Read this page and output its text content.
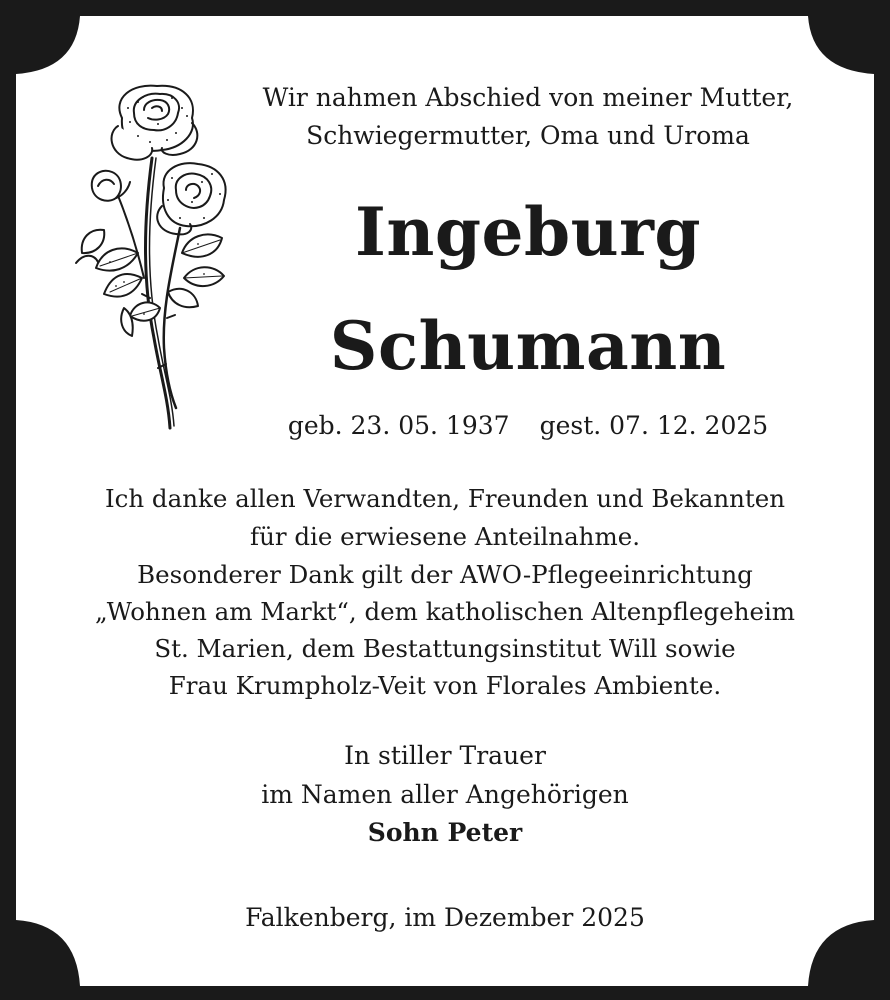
Wir nahmen Abschied von meiner Mutter,
Schwiegermutter, Oma und Uroma
Ingeburg
Schumann
geb. 23. 05. 1937 gest. 07. 12. 2025
Ich danke allen Verwandten, Freunden und Bekannten
für die erwiesene Anteilnahme.
Besonderer Dank gilt der AWO-Pflegeeinrichtung
„Wohnen am Markt“, dem katholischen Altenpflegeheim
St. Marien, dem Bestattungsinstitut Will sowie
Frau Krumpholz-Veit von Florales Ambiente.
In stiller Trauer
im Namen aller Angehörigen
Sohn Peter
Falkenberg, im Dezember 2025
